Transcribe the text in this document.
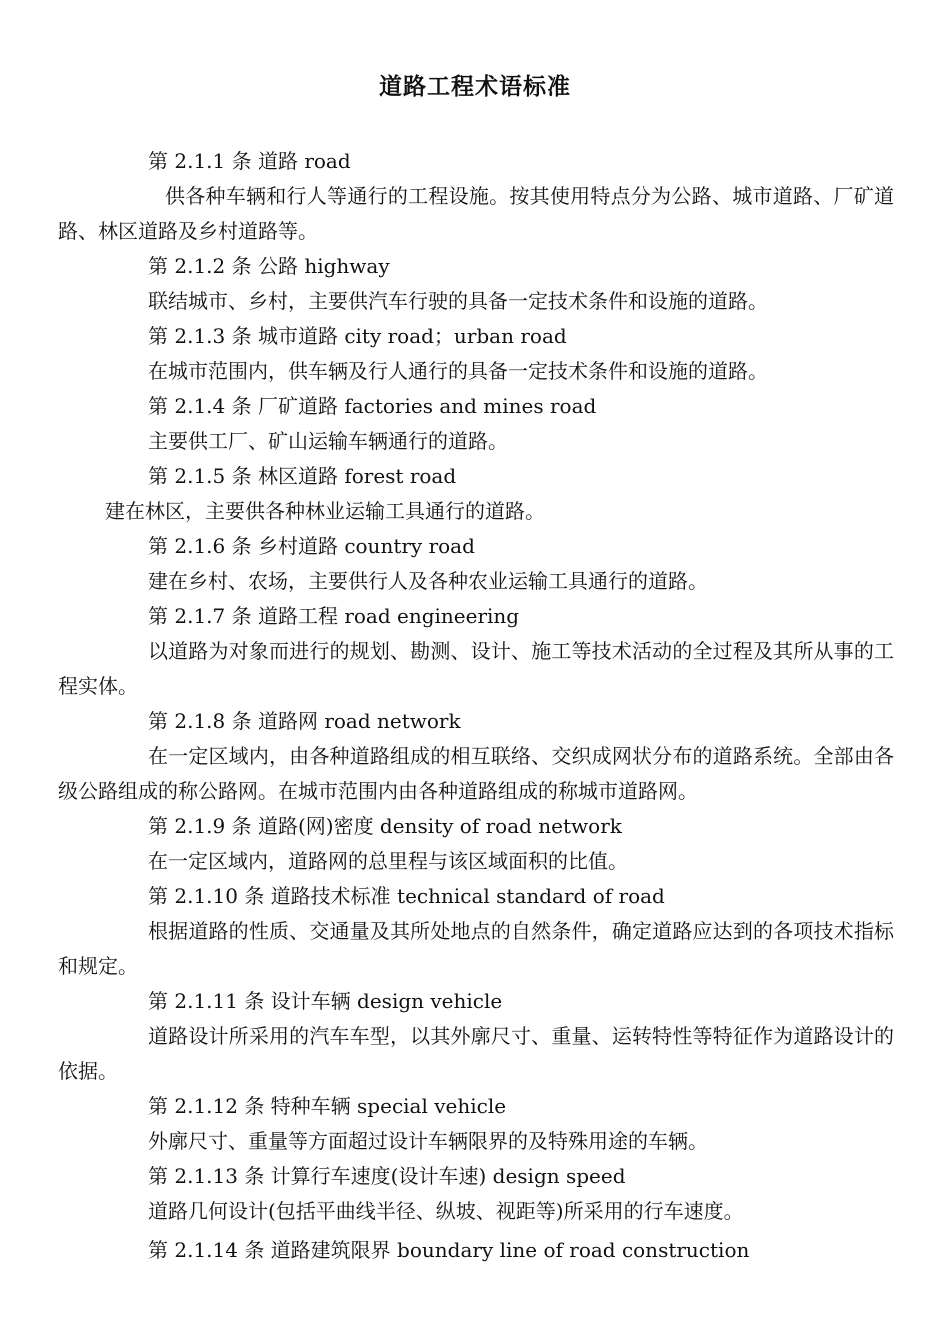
道路工程术语标准

第 2.1.1 条 道路 road

供各种车辆和行人等通行的工程设施。按其使用特点分为公路、城市道路、厂矿道路、林区道路及乡村道路等。

第 2.1.2 条 公路 highway

联结城市、乡村，主要供汽车行驶的具备一定技术条件和设施的道路。

第 2.1.3 条 城市道路 city road；urban road

在城市范围内，供车辆及行人通行的具备一定技术条件和设施的道路。

第 2.1.4 条 厂矿道路 factories and mines road

主要供工厂、矿山运输车辆通行的道路。

第 2.1.5 条 林区道路 forest road

建在林区，主要供各种林业运输工具通行的道路。

第 2.1.6 条 乡村道路 country road

建在乡村、农场，主要供行人及各种农业运输工具通行的道路。

第 2.1.7 条 道路工程 road engineering

以道路为对象而进行的规划、勘测、设计、施工等技术活动的全过程及其所从事的工程实体。

第 2.1.8 条 道路网 road network

在一定区域内，由各种道路组成的相互联络、交织成网状分布的道路系统。全部由各级公路组成的称公路网。在城市范围内由各种道路组成的称城市道路网。

第 2.1.9 条 道路(网)密度 density of road network

在一定区域内，道路网的总里程与该区域面积的比值。

第 2.1.10 条 道路技术标准 technical standard of road

根据道路的性质、交通量及其所处地点的自然条件，确定道路应达到的各项技术指标和规定。

第 2.1.11 条 设计车辆 design vehicle

道路设计所采用的汽车车型，以其外廓尺寸、重量、运转特性等特征作为道路设计的依据。

第 2.1.12 条 特种车辆 special vehicle

外廓尺寸、重量等方面超过设计车辆限界的及特殊用途的车辆。

第 2.1.13 条 计算行车速度(设计车速) design speed

道路几何设计(包括平曲线半径、纵坡、视距等)所采用的行车速度。

第 2.1.14 条 道路建筑限界 boundary line of road construction
